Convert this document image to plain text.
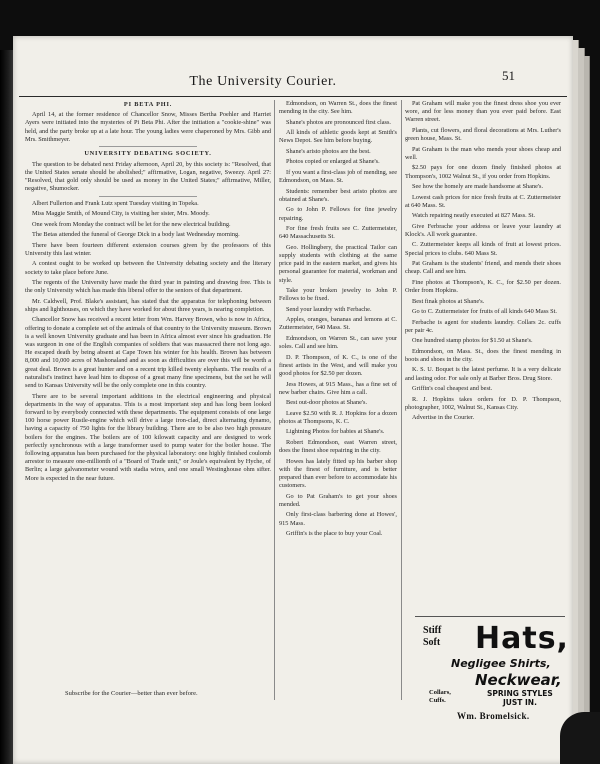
The University Courier.	51
PI BETA PHI.

April 14, at the former residence of Chancellor Snow, Misses Bertha Poehler and Harriet Ayers were initiated into the mysteries of Pi Beta Phi. After the initiation a "cookie-shine" was held, and the party broke up at a late hour. The young ladies were chaperoned by Mrs. Gibb and Mrs. Smithmeyer.

UNIVERSITY DEBATING SOCIETY.

The question to be debated next Friday afternoon, April 20, by this society is: "Resolved, that the United States senate should be abolished;" affirmative, Logan, negative, Sweezy. April 27: "Resolved, that gold only should be used as money in the United States;" affirmative, Miller, negative, Shumocker.

Albert Fullerton and Frank Lutz spent Tuesday visiting in Topeka.

Miss Maggie Smith, of Mound City, is visiting her sister, Mrs. Moody.

One week from Monday the contract will be let for the new electrical building.

The Betas attended the funeral of George Dick in a body last Wednesday morning.

There have been fourteen different extension courses given by the professors of this University this last winter.

A contest ought to be worked up between the University debating society and the literary society to take place before June.

The regents of the University have made the third year in painting and drawing free. This is the only University which has made this liberal offer to the seniors of that department.

Mr. Caldwell, Prof. Blake's assistant, has stated that the apparatus for telephoning between ships and lighthouses, on which they have worked for about three years, is nearing completion.

Chancellor Snow has received a recent letter from Wm. Harvey Brown, who is now in Africa, offering to donate a complete set of the animals of that country to the University museum. Brown is a well known University graduate and has been in Africa almost ever since his graduation. He was surgeon in one of the English companies of soldiers that was massacred there not long ago. He escaped death by being absent at Cape Town his winter for his health. Brown has between 8,000 and 10,000 acres of Mashonaland and as soon as difficulties are over this will be worth a great deal. Brown is a great hunter and on a recent trip killed twenty elephants. The results of a naturalist's instinct have lead him to dispose of a great many fine specimens, but the set he will send to Kansas University will be the only complete one in this country.

There are to be several important additions in the electrical engineering and physical departments in the way of apparatus. This is a most important step and has long been looked forward to by everybody connected with these departments. The equipment consists of one large 100 horse power Rustle-engine which will drive a large iron-clad, direct alternating dynamo, having a capacity of 750 lights for the library building. There are to be also two high pressure boilers for the engines. The boilers are of 100 kilowatt capacity and are designed to work perfectly synchronous with a large transformer used to pump water for the boiler house. The following apparatus has been purchased for the physical laboratory: one highly finished coulomb arrestor to measure one-millionth of a "Board of Trade unit," or Joule's equivalent by Hyche, of Berlin; a large galvanometer wound with stadia wires, and one small Westinghouse ohm sifter. More is expected in the near future.

Edmondson, on Warren St., does the finest mending in the city. See him.

Shane's photos are pronounced first class.

All kinds of athletic goods kept at Smith's News Depot. See him before buying.

Shane's aristo photos are the best.

Photos copied or enlarged at Shane's.

If you want a first-class job of mending, see Edmondson, on Mass. St.

Students: remember best aristo photos are obtained at Shane's.

Go to John P. Fellows for fine jewelry repairing.

For fine fresh fruits see C. Zuttermeister, 640 Massachusetts St.

Geo. Hollingbery, the practical Tailor can supply students with clothing at the same price paid in the eastern market, and gives his personal guarantee for material, workman and style.

Take your broken jewelry to John P. Fellows to be fixed.

Send your laundry with Ferbache.

Apples, oranges, bananas and lemons at C. Zuttermeister, 640 Mass. St.

Edmondson, on Warren St., can save your soles. Call and see him.

D. P. Thompson, of K. C., is one of the finest artists in the West, and will make you good photos for $2.50 per dozen.

Jess Howes, at 915 Mass., has a fine set of new barber chairs. Give him a call.

Best out-door photos at Shane's.

Leave $2.50 with R. J. Hopkins for a dozen photos at Thompsons, K. C.

Lightning Photos for babies at Shane's.

Robert Edmondson, east Warren street, does the finest shoe repairing in the city.

Howes has lately fitted up his barber shop with the finest of furniture, and is better prepared than ever before to accommodate his customers.

Go to Pat Graham's to get your shoes mended.

Only first-class barbering done at Howes', 915 Mass.

Griffin's is the place to buy your Coal.

Pat Graham will make you the finest dress shoe you ever wore, and for less money than you ever paid before. East Warren street.

Plants, cut flowers, and floral decorations at Mrs. Luther's green house, Mass. St.

Pat Graham is the man who mends your shoes cheap and well.

$2.50 pays for one dozen finely finished photos at Thompson's, 1002 Walnut St., if you order from Hopkins.

See how the homely are made handsome at Shane's.

Lowest cash prices for nice fresh fruits at C. Zuttermeister at 640 Mass. St.

Watch repairing neatly executed at 827 Mass. St.

Give Ferbrache your address or leave your laundry at Klock's. All work guarantee.

C. Zuttermeister keeps all kinds of fruit at lowest prices. Special prices to clubs. 640 Mass St.

Pat Graham is the students' friend, and mends their shoes cheap. Call and see him.

Fine photos at Thompson's, K. C., for $2.50 per dozen. Order from Hopkins.

Best finak photos at Shane's.

Go to C. Zuttermeister for fruits of all kinds 640 Mass St.

Ferbache is agent for students laundry. Collars 2c. cuffs per pair 4c.

One hundred stamp photos for $1.50 at Shane's.

Edmondson, on Mass. St., does the finest mending in boots and shoes in the city.

K. S. U. Boquet is the latest perfume. It is a very delicate and lasting odor. For sale only at Barber Bros. Drug Store.

Griffin's coal cheapest and best.

R. J. Hopkins takes orders for D. P. Thompson, photographer, 1002, Walnut St., Kansas City.

Advertise in the Courier.

Subscribe for the Courier—better than ever before.
Stiff
Soft Hats,
Negligee Shirts,
Neckwear,
Collars,
Cuffs.
SPRING STYLES
JUST IN.
Wm. Bromelsick.
